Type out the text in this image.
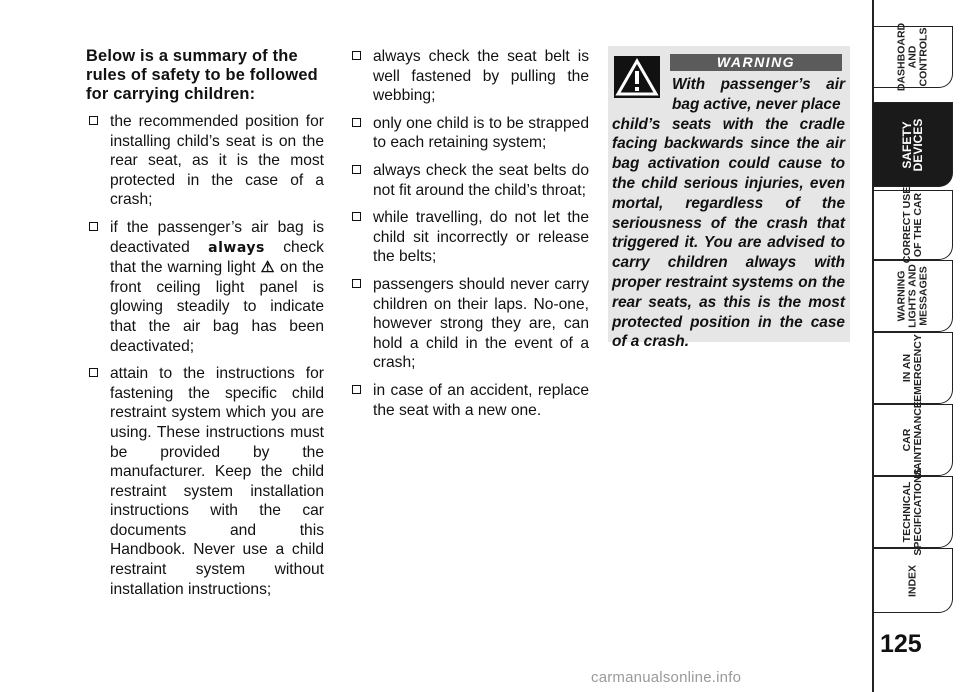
Below is a summary of the rules of safety to be followed for carrying children:
the recommended position for installing child’s seat is on the rear seat, as it is the most protected in the case of a crash;
if the passenger’s air bag is deactivated always check that the warning light ⚠ on the front ceiling light panel is glowing steadily to indicate that the air bag has been deactivated;
attain to the instructions for fastening the specific child restraint system which you are using. These instructions must be provided by the manufacturer. Keep the child restraint system installation instructions with the car documents and this Handbook. Never use a child restraint system without installation instructions;
always check the seat belt is well fastened by pulling the webbing;
only one child is to be strapped to each retaining system;
always check the seat belts do not fit around the child’s throat;
while travelling, do not let the child sit incorrectly or release the belts;
passengers should never carry children on their laps. No-one, however strong they are, can hold a child in the event of a crash;
in case of an accident, replace the seat with a new one.
WARNING
With passenger’s air bag active, never place
child’s seats with the cradle facing backwards since the air bag activation could cause to the child serious injuries, even mortal, regardless of the seriousness of the crash that triggered it. You are advised to carry children always with proper restraint systems on the rear seats, as this is the most protected position in the case of a crash.
DASHBOARD
AND
CONTROLS
SAFETY
DEVICES
CORRECT USE
OF THE CAR
WARNING
LIGHTS AND
MESSAGES
IN AN
EMERGENCY
CAR
MAINTENANCE
TECHNICAL
SPECIFICATIONS
INDEX
125
carmanualsonline.info
